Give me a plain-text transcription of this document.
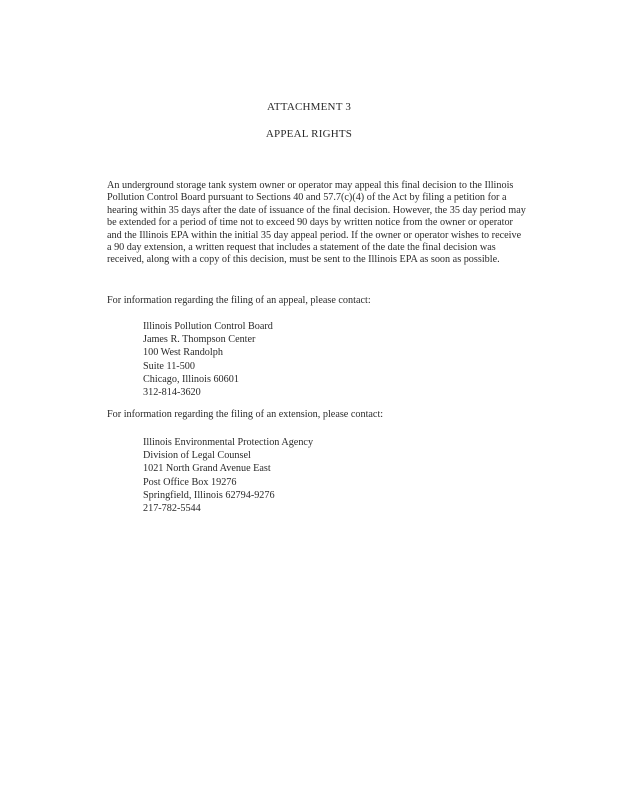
ATTACHMENT 3
APPEAL RIGHTS

An underground storage tank system owner or operator may appeal this final decision to the Illinois Pollution Control Board pursuant to Sections 40 and 57.7(c)(4) of the Act by filing a petition for a hearing within 35 days after the date of issuance of the final decision. However, the 35 day period may be extended for a period of time not to exceed 90 days by written notice from the owner or operator and the Illinois EPA within the initial 35 day appeal period. If the owner or operator wishes to receive a 90 day extension, a written request that includes a statement of the date the final decision was received, along with a copy of this decision, must be sent to the Illinois EPA as soon as possible.

For information regarding the filing of an appeal, please contact:

Illinois Pollution Control Board
James R. Thompson Center
100 West Randolph
Suite 11-500
Chicago, Illinois 60601
312-814-3620

For information regarding the filing of an extension, please contact:

Illinois Environmental Protection Agency
Division of Legal Counsel
1021 North Grand Avenue East
Post Office Box 19276
Springfield, Illinois 62794-9276
217-782-5544
